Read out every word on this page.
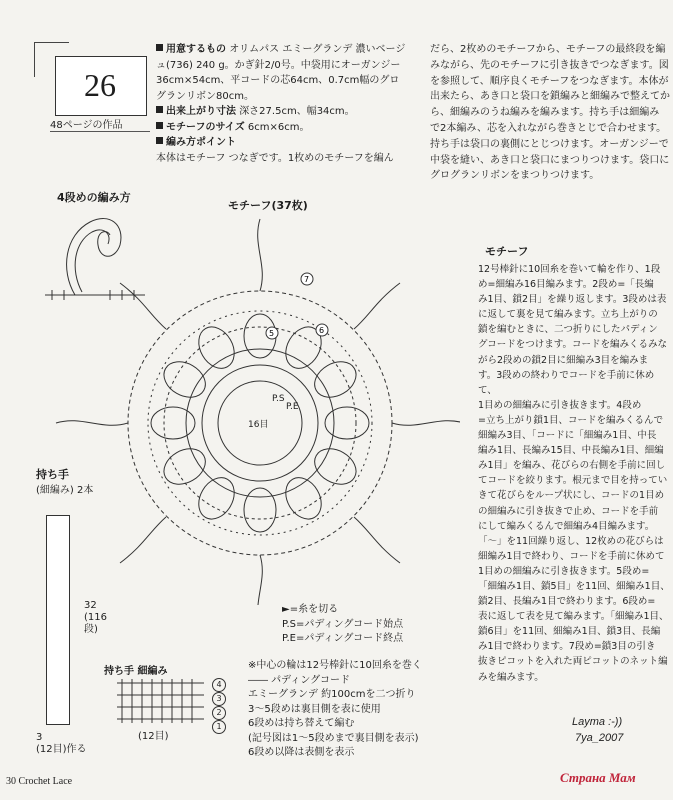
26
48ページの作品
用意するもの オリムパス エミーグランデ 濃いベージュ(736) 240 g。かぎ針2/0号。中袋用にオーガンジー36cm×54cm、平コードの芯64cm、0.7cm幅のグログランリボン80cm。
出来上がり寸法 深さ27.5cm、幅34cm。
モチーフのサイズ 6cm×6cm。
編み方ポイント
本体はモチーフ つなぎです。1枚めのモチーフを編ん
だら、2枚めのモチーフから、モチーフの最終段を編
みながら、先のモチーフに引き抜きでつなぎます。図
を参照して、順序良くモチーフをつなぎます。本体が
出来たら、あき口と袋口を鎖編みと細編みで整えてか
ら、細編みのうね編みを編みます。持ち手は細編み
で2本編み、芯を入れながら巻きとじで合わせます。
持ち手は袋口の裏側にとじつけます。オーガンジーで
中袋を縫い、あき口と袋口にまつりつけます。袋口に
グログランリボンをまつりつけます。
4段めの編み方
モチーフ(37枚)
P.S
P.E
16目
5	6
7
持ち手
(細編み) 2本
32
(116
段)
3
(12目)作る
持ち手 細編み
(12目)
4
3
2
1
►=糸を切る
P.S=パディングコード始点
P.E=パディングコード終点
※中心の輪は12号棒針に10回糸を巻く
―― パディングコード
エミーグランデ 約100cmを二つ折り
3〜5段めは裏目側を表に使用
6段めは持ち替えて編む
(記号図は1〜5段めまで裏目側を表示)
6段め以降は表側を表示
モチーフ
12号棒針に10回糸を巻いて輪を作り、1段
め=細編み16目編みます。2段め=「長編
み1目、鎖2目」を繰り返します。3段めは表
に返して裏を見て編みます。立ち上がりの
鎖を編むときに、二つ折りにしたパディン
グコードをつけます。コードを編みくるみな
がら2段めの鎖2目に細編み3目を編みま
す。3段めの終わりでコードを手前に休めて、
1目めの細編みに引き抜きます。4段め
=立ち上がり鎖1目、コードを編みくるんで
細編み3目、「コードに「細編み1目、中長
編み1目、長編み15目、中長編み1目、細編
み1目」を編み、花びらの右側を手前に回し
てコードを絞ります。根元まで目を持ってい
きて花びらをループ状にし、コードの1目め
の細編みに引き抜きで止め、コードを手前
にして編みくるんで細編み4目編みます。
「〜」を11回繰り返し、12枚めの花びらは
細編み1目で終わり、コードを手前に休めて
1目めの細編みに引き抜きます。5段め=
「細編み1目、鎖5目」を11回、細編み1目、
鎖2目、長編み1目で終わります。6段め=
表に返して表を見て編みます。「細編み1目、
鎖6目」を11回、細編み1目、鎖3目、長編
み1目で終わります。7段め=鎖3目の引き
抜きピコットを入れた両ピコットのネット編
みを編みます。
Layma :-))
7ya_2007
30 Crochet Lace	Страна Мам
